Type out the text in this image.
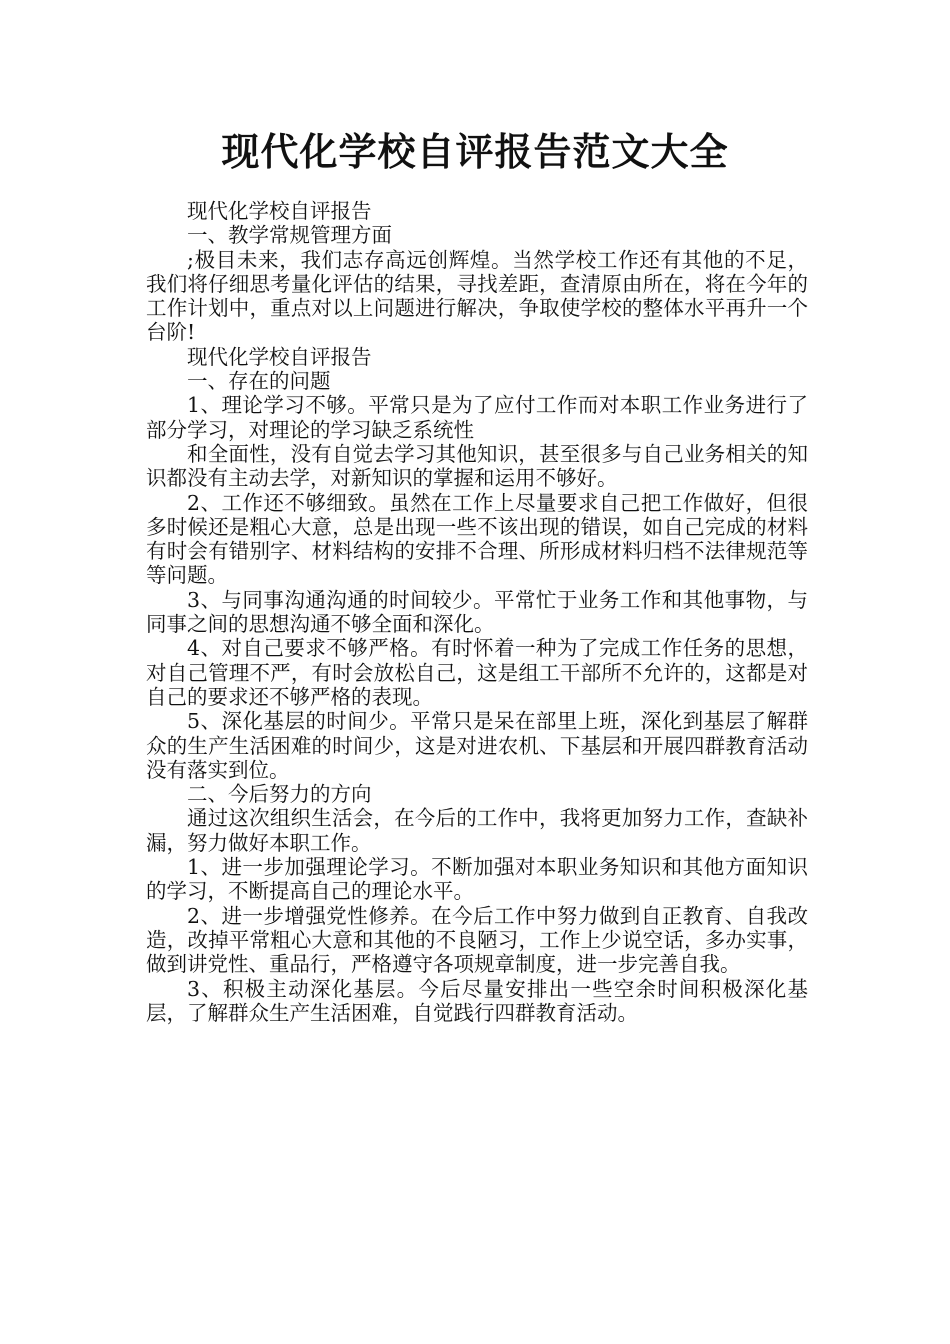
现代化学校自评报告范文大全

现代化学校自评报告

一、教学常规管理方面

;极目未来，我们志存高远创辉煌。当然学校工作还有其他的不足，我们将仔细思考量化评估的结果，寻找差距，查清原由所在，将在今年的工作计划中，重点对以上问题进行解决，争取使学校的整体水平再升一个台阶!

现代化学校自评报告

一、存在的问题

1、理论学习不够。平常只是为了应付工作而对本职工作业务进行了部分学习，对理论的学习缺乏系统性

和全面性，没有自觉去学习其他知识，甚至很多与自己业务相关的知识都没有主动去学，对新知识的掌握和运用不够好。

2、工作还不够细致。虽然在工作上尽量要求自己把工作做好，但很多时候还是粗心大意，总是出现一些不该出现的错误，如自己完成的材料有时会有错别字、材料结构的安排不合理、所形成材料归档不法律规范等等问题。

3、与同事沟通沟通的时间较少。平常忙于业务工作和其他事物，与同事之间的思想沟通不够全面和深化。

4、对自己要求不够严格。有时怀着一种为了完成工作任务的思想，对自己管理不严，有时会放松自己，这是组工干部所不允许的，这都是对自己的要求还不够严格的表现。

5、深化基层的时间少。平常只是呆在部里上班，深化到基层了解群众的生产生活困难的时间少，这是对进农机、下基层和开展四群教育活动没有落实到位。

二、今后努力的方向

通过这次组织生活会，在今后的工作中，我将更加努力工作，查缺补漏，努力做好本职工作。

1、进一步加强理论学习。不断加强对本职业务知识和其他方面知识的学习，不断提高自己的理论水平。

2、进一步增强党性修养。在今后工作中努力做到自正教育、自我改造，改掉平常粗心大意和其他的不良陋习，工作上少说空话，多办实事，做到讲党性、重品行，严格遵守各项规章制度，进一步完善自我。

3、积极主动深化基层。今后尽量安排出一些空余时间积极深化基层，了解群众生产生活困难，自觉践行四群教育活动。
